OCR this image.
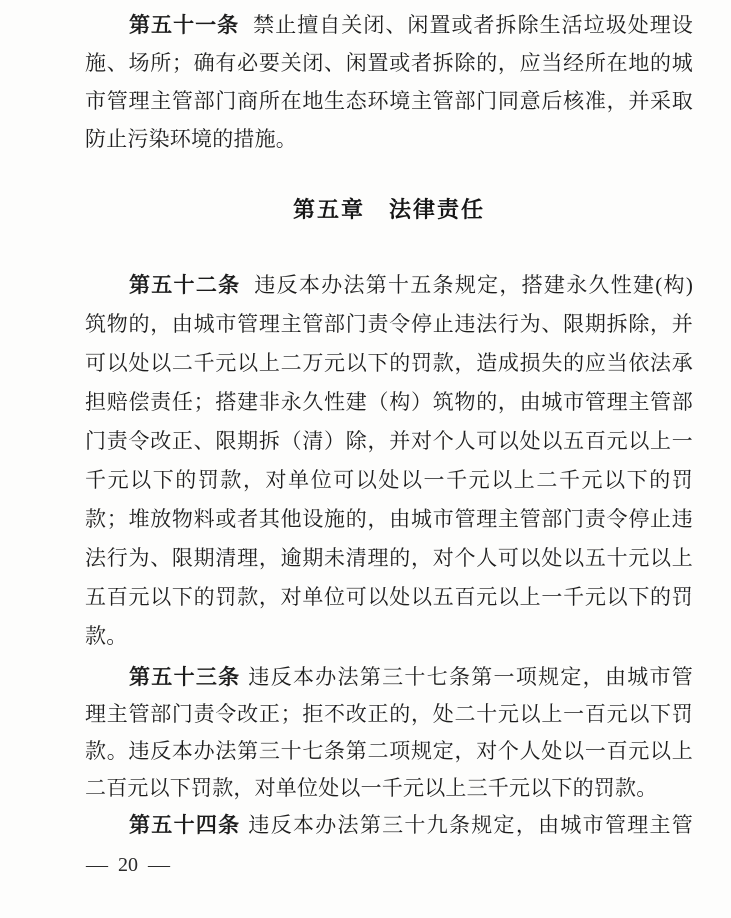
第五十一条 禁止擅自关闭、闲置或者拆除生活垃圾处理设
施、场所；确有必要关闭、闲置或者拆除的，应当经所在地的城
市管理主管部门商所在地生态环境主管部门同意后核准，并采取
防止污染环境的措施。
第五章　法律责任
第五十二条 违反本办法第十五条规定，搭建永久性建(构)
筑物的，由城市管理主管部门责令停止违法行为、限期拆除，并
可以处以二千元以上二万元以下的罚款，造成损失的应当依法承
担赔偿责任；搭建非永久性建（构）筑物的，由城市管理主管部
门责令改正、限期拆（清）除，并对个人可以处以五百元以上一
千元以下的罚款，对单位可以处以一千元以上二千元以下的罚
款；堆放物料或者其他设施的，由城市管理主管部门责令停止违
法行为、限期清理，逾期未清理的，对个人可以处以五十元以上
五百元以下的罚款，对单位可以处以五百元以上一千元以下的罚
款。
第五十三条 违反本办法第三十七条第一项规定，由城市管
理主管部门责令改正；拒不改正的，处二十元以上一百元以下罚
款。违反本办法第三十七条第二项规定，对个人处以一百元以上
二百元以下罚款，对单位处以一千元以上三千元以下的罚款。
第五十四条 违反本办法第三十九条规定，由城市管理主管
— 20 —
